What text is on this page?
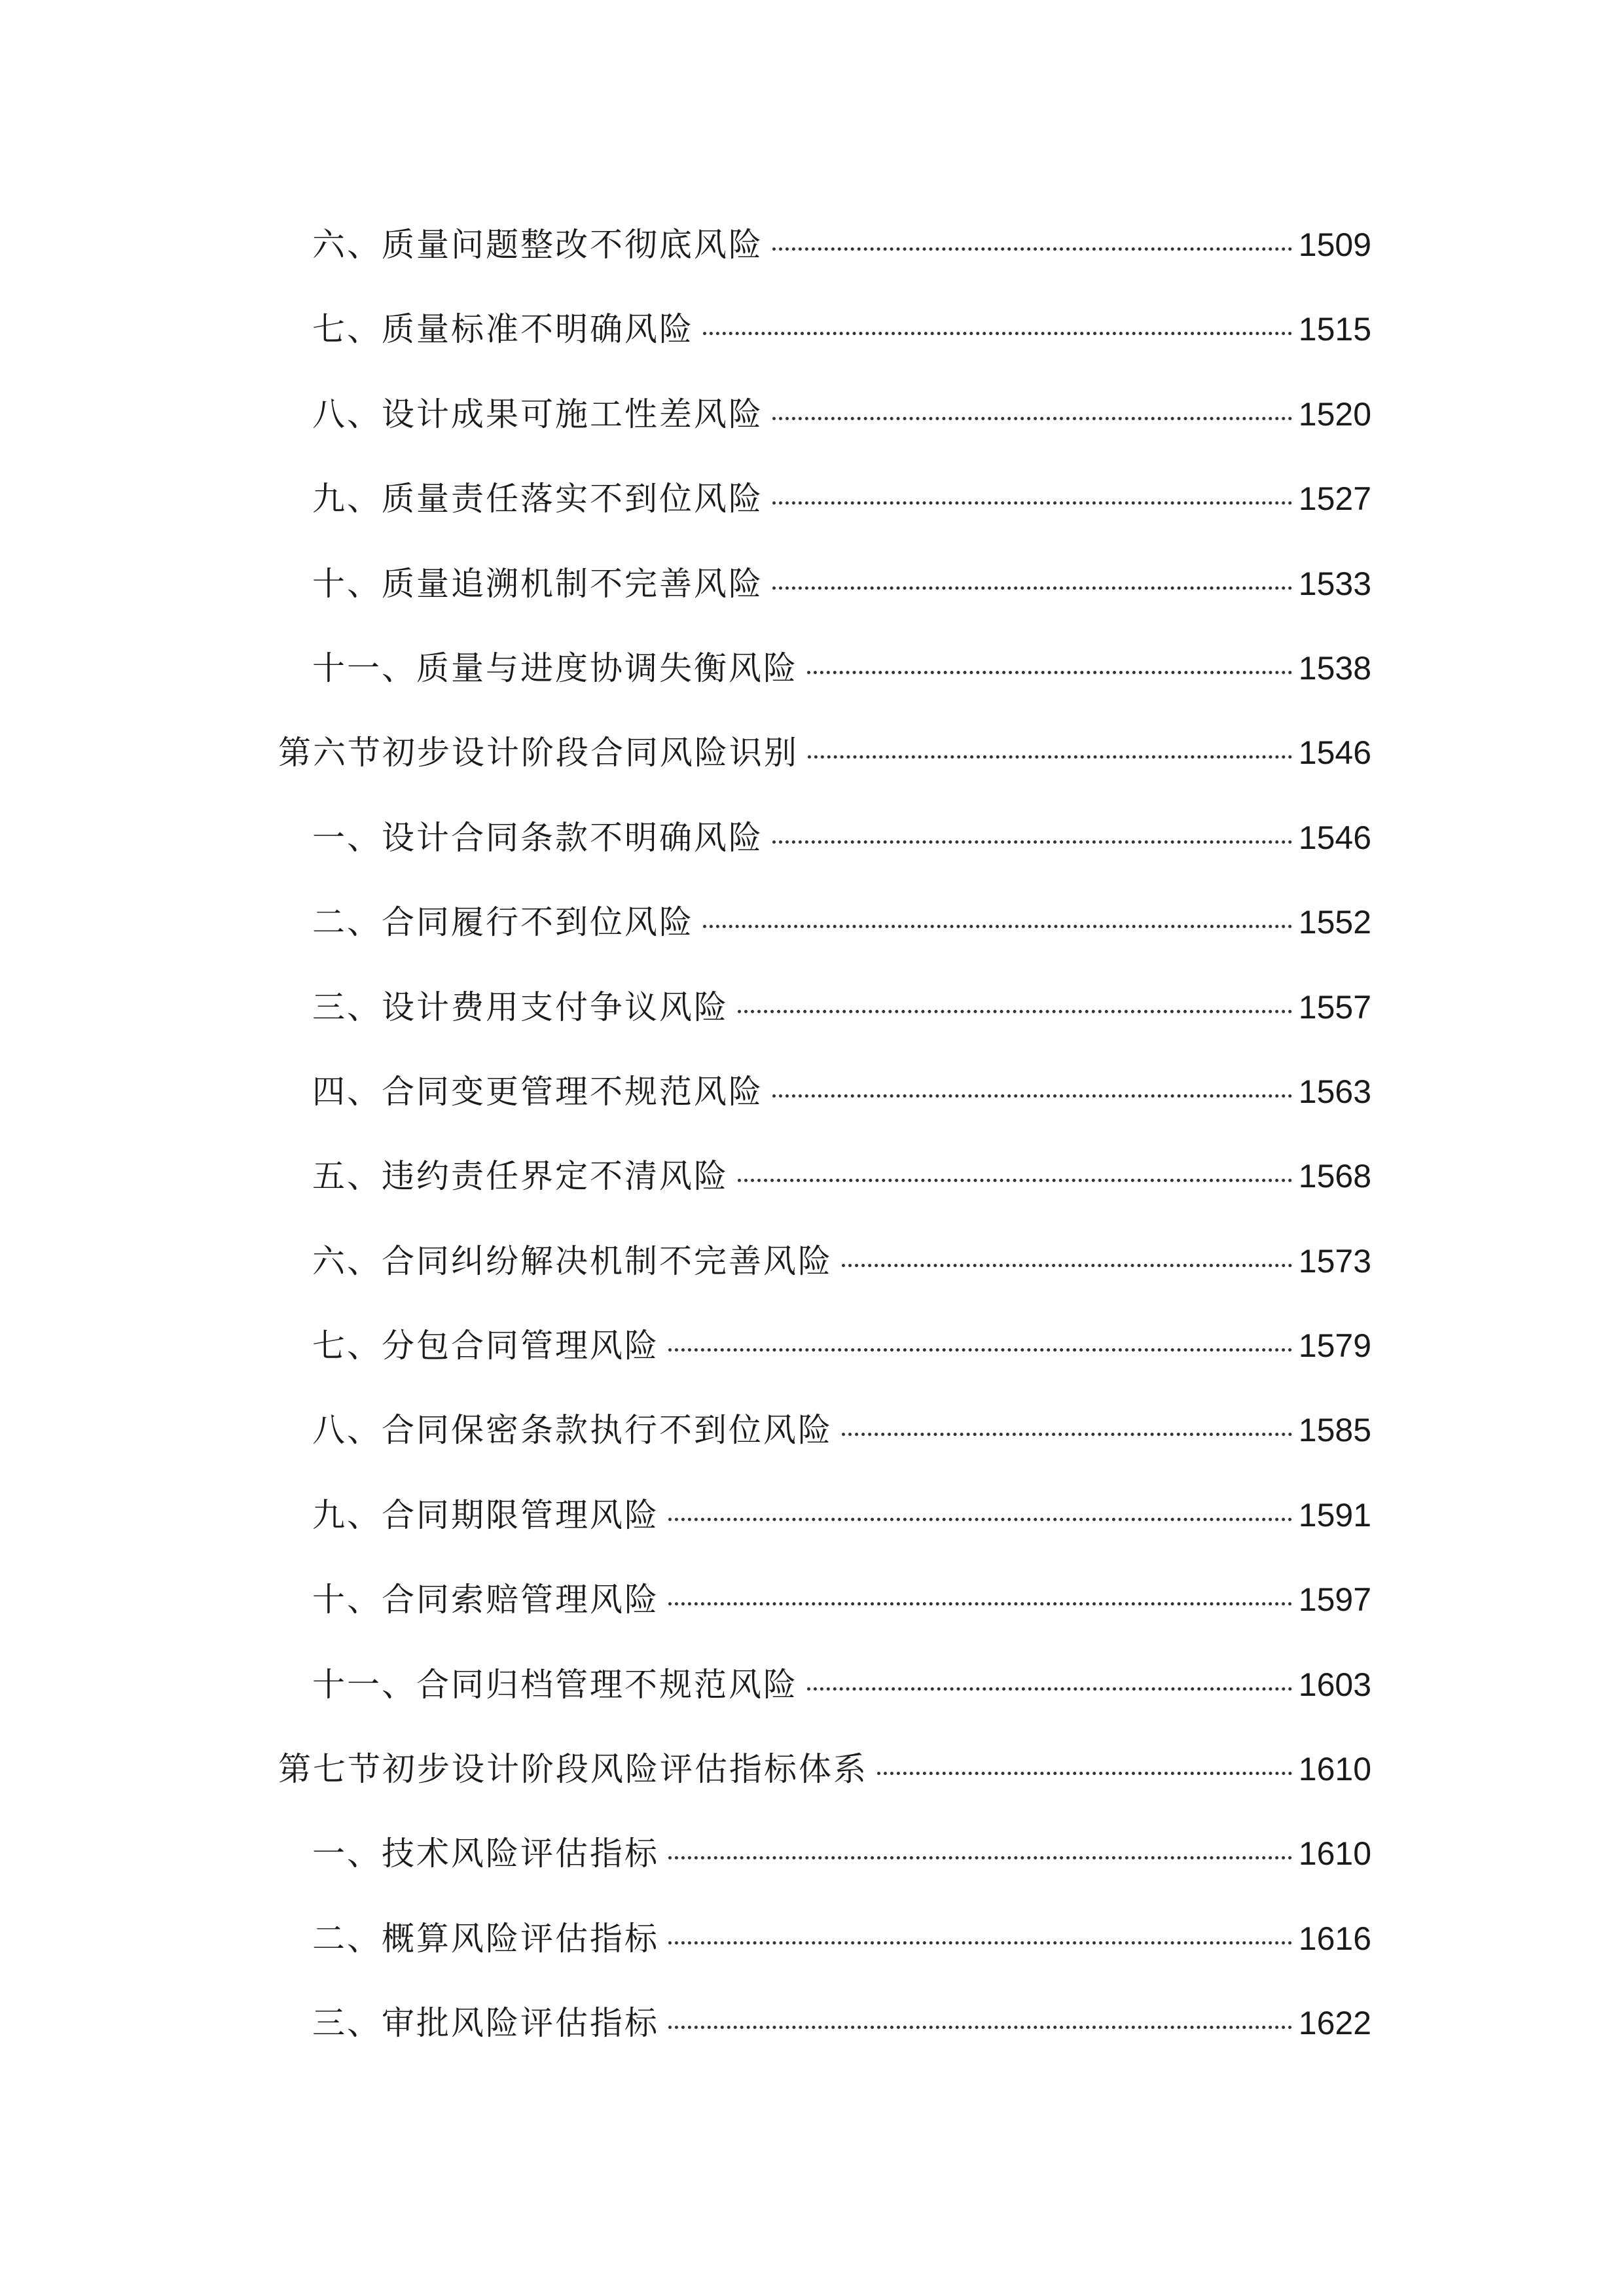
六、质量问题整改不彻底风险	1509
七、质量标准不明确风险	1515
八、设计成果可施工性差风险	1520
九、质量责任落实不到位风险	1527
十、质量追溯机制不完善风险	1533
十一、质量与进度协调失衡风险	1538
第六节初步设计阶段合同风险识别	1546
一、设计合同条款不明确风险	1546
二、合同履行不到位风险	1552
三、设计费用支付争议风险	1557
四、合同变更管理不规范风险	1563
五、违约责任界定不清风险	1568
六、合同纠纷解决机制不完善风险	1573
七、分包合同管理风险	1579
八、合同保密条款执行不到位风险	1585
九、合同期限管理风险	1591
十、合同索赔管理风险	1597
十一、合同归档管理不规范风险	1603
第七节初步设计阶段风险评估指标体系	1610
一、技术风险评估指标	1610
二、概算风险评估指标	1616
三、审批风险评估指标	1622
